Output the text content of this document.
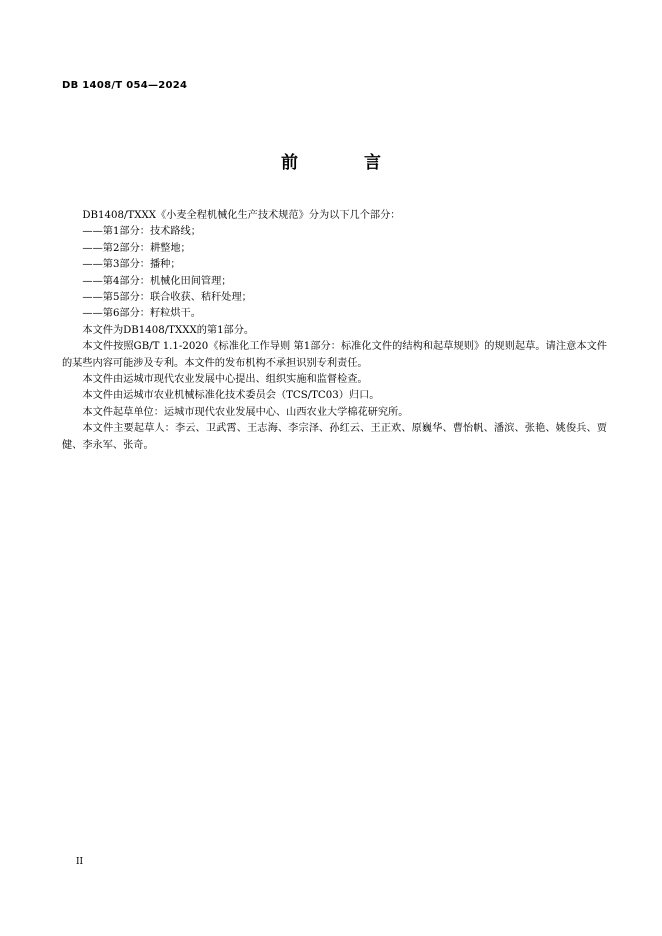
DB 1408/T 054—2024
前 言

DB1408/TXXX《小麦全程机械化生产技术规范》分为以下几个部分：

——第1部分：技术路线；

——第2部分：耕整地；

——第3部分：播种；

——第4部分：机械化田间管理；

——第5部分：联合收获、秸秆处理；

——第6部分：籽粒烘干。

本文件为DB1408/TXXX的第1部分。

本文件按照GB/T 1.1-2020《标准化工作导则 第1部分：标准化文件的结构和起草规则》的规则起草。请注意本文件的某些内容可能涉及专利。本文件的发布机构不承担识别专利责任。

本文件由运城市现代农业发展中心提出、组织实施和监督检查。

本文件由运城市农业机械标准化技术委员会（TCS/TC03）归口。

本文件起草单位：运城市现代农业发展中心、山西农业大学棉花研究所。

本文件主要起草人：李云、卫武霄、王志海、李宗泽、孙红云、王正欢、原巍华、曹怡帆、潘滨、张艳、姚俊兵、贾健、李永军、张奇。

II
